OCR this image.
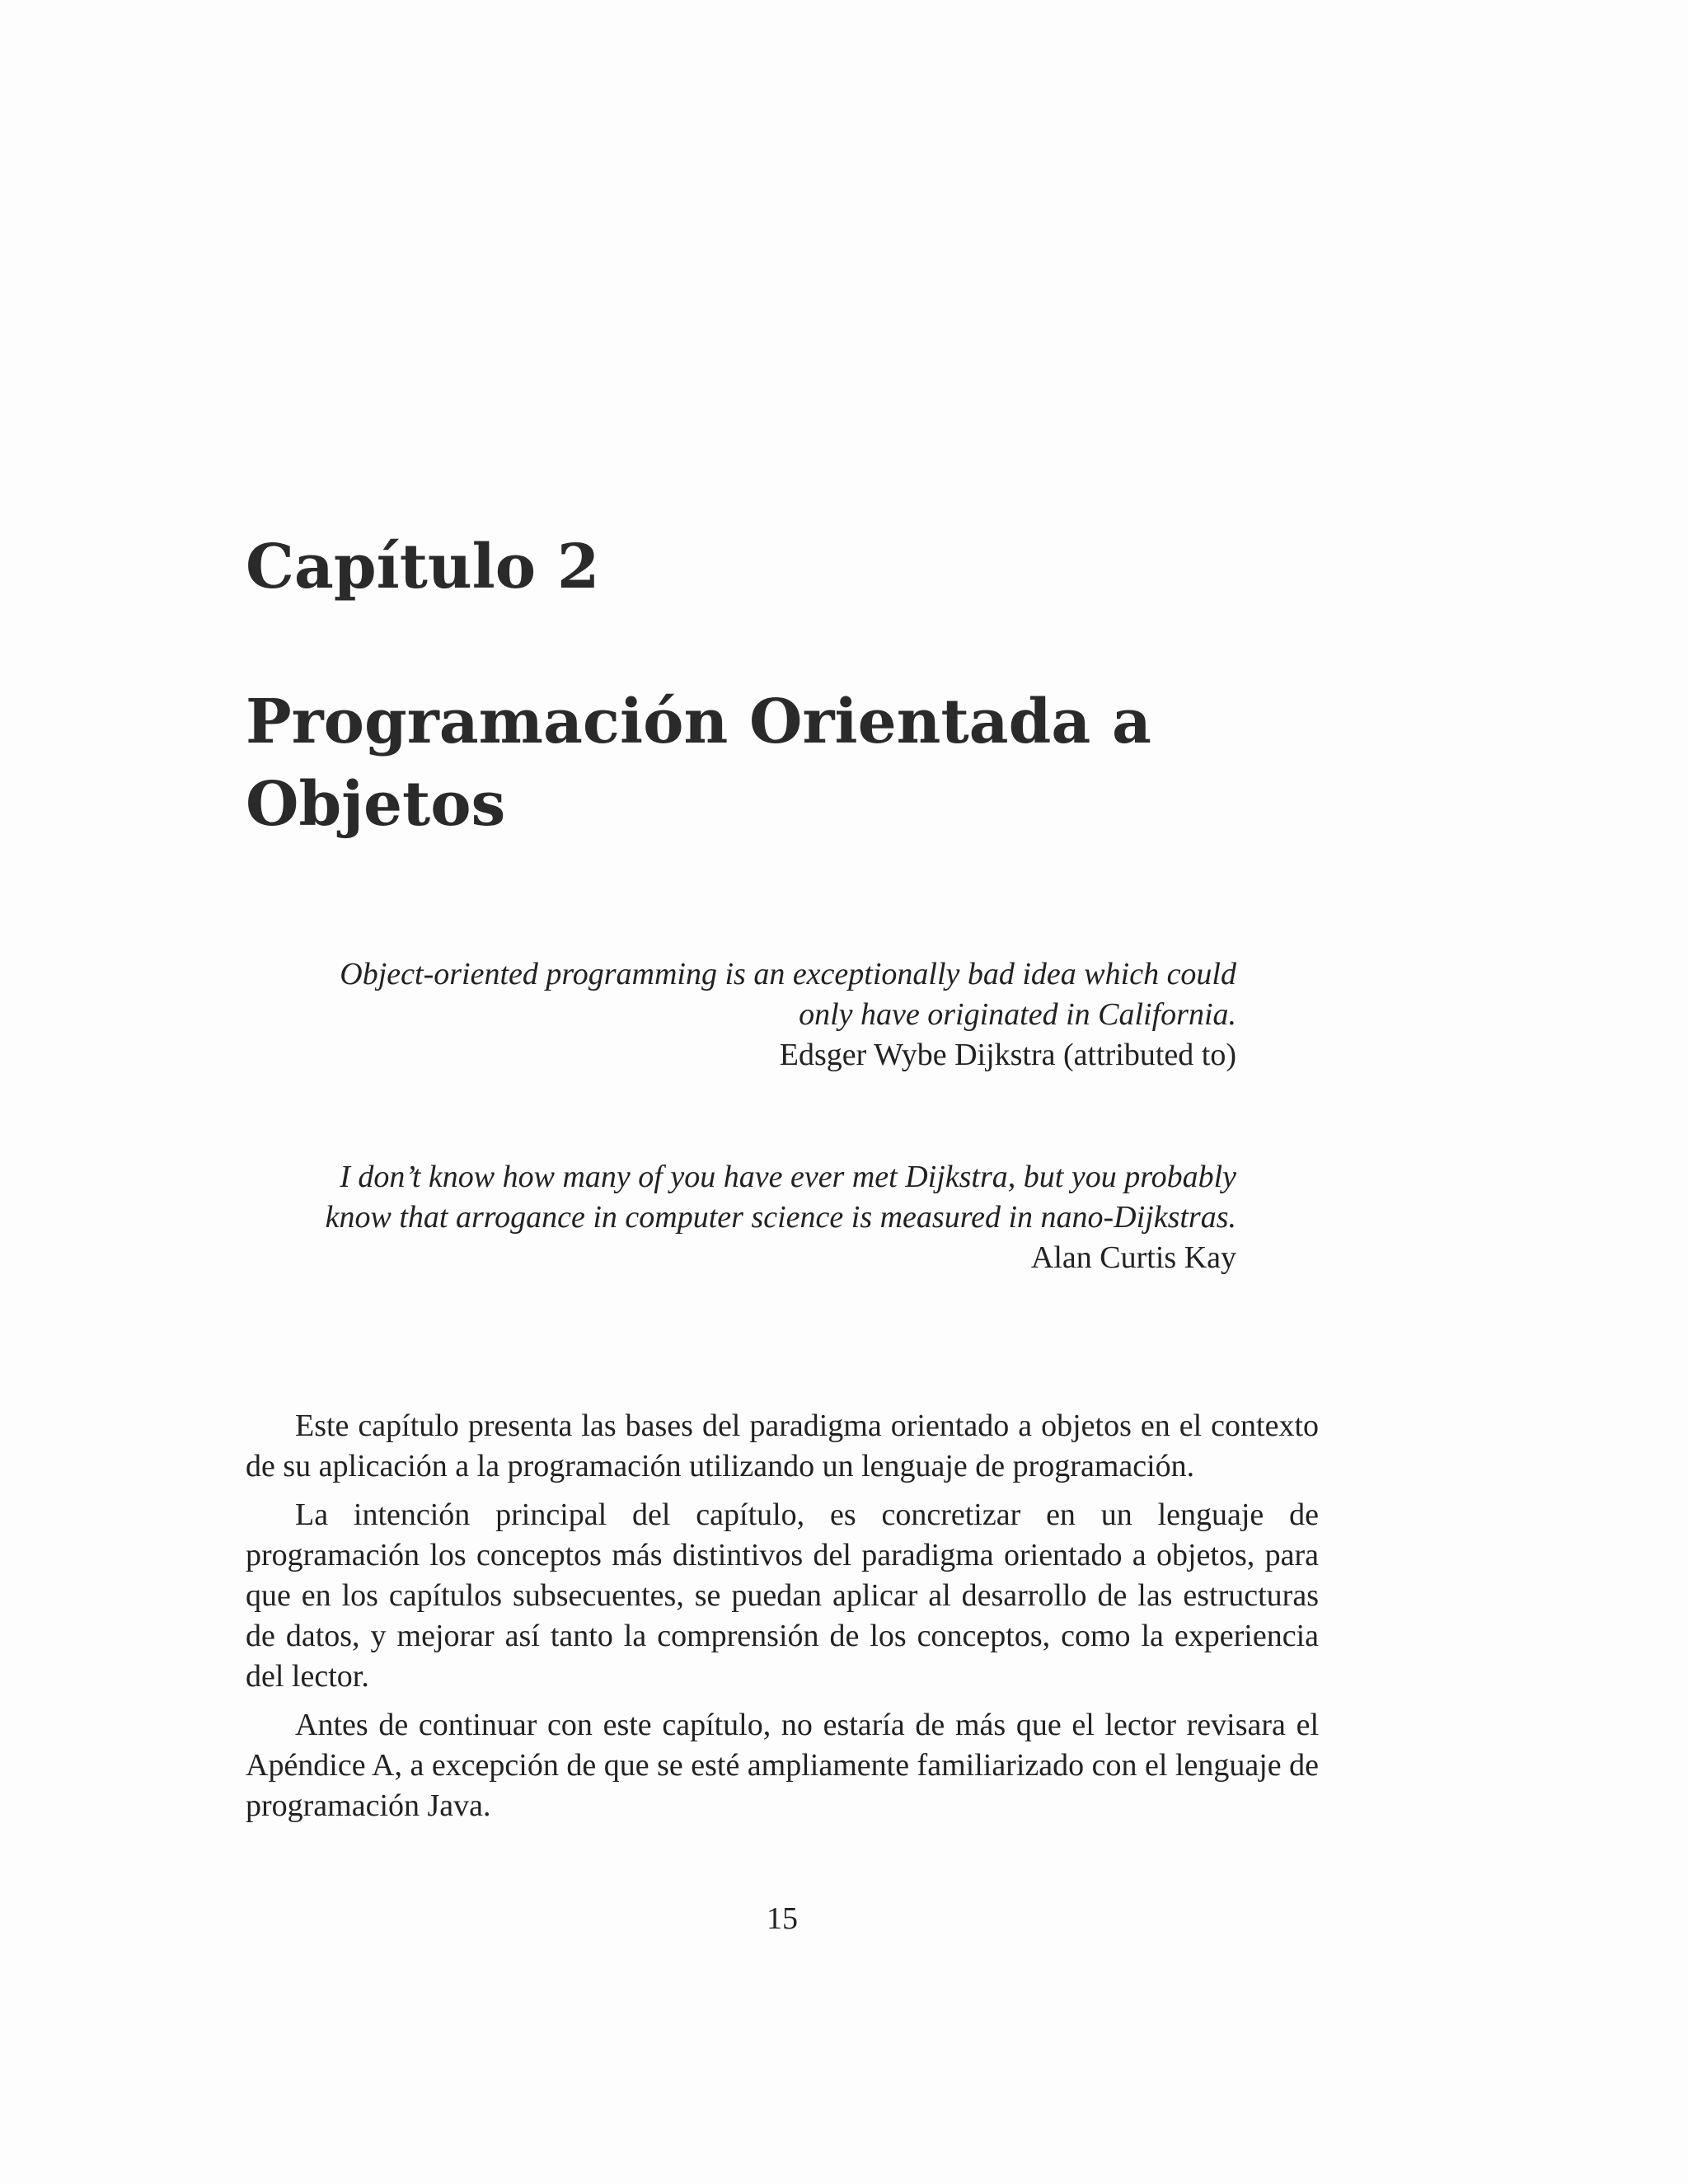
Capítulo 2
Programación Orientada a Objetos
Object-oriented programming is an exceptionally bad idea which could only have originated in California.
Edsger Wybe Dijkstra (attributed to)
I don’t know how many of you have ever met Dijkstra, but you probably know that arrogance in computer science is measured in nano-Dijkstras.
Alan Curtis Kay

Este capítulo presenta las bases del paradigma orientado a objetos en el contexto de su aplicación a la programación utilizando un lenguaje de programación.

La intención principal del capítulo, es concretizar en un lenguaje de programación los conceptos más distintivos del paradigma orientado a objetos, para que en los capítulos subsecuentes, se puedan aplicar al desarrollo de las estructuras de datos, y mejorar así tanto la comprensión de los conceptos, como la experiencia del lector.

Antes de continuar con este capítulo, no estaría de más que el lector revisara el Apéndice A, a excepción de que se esté ampliamente familiarizado con el lenguaje de programación Java.

15
